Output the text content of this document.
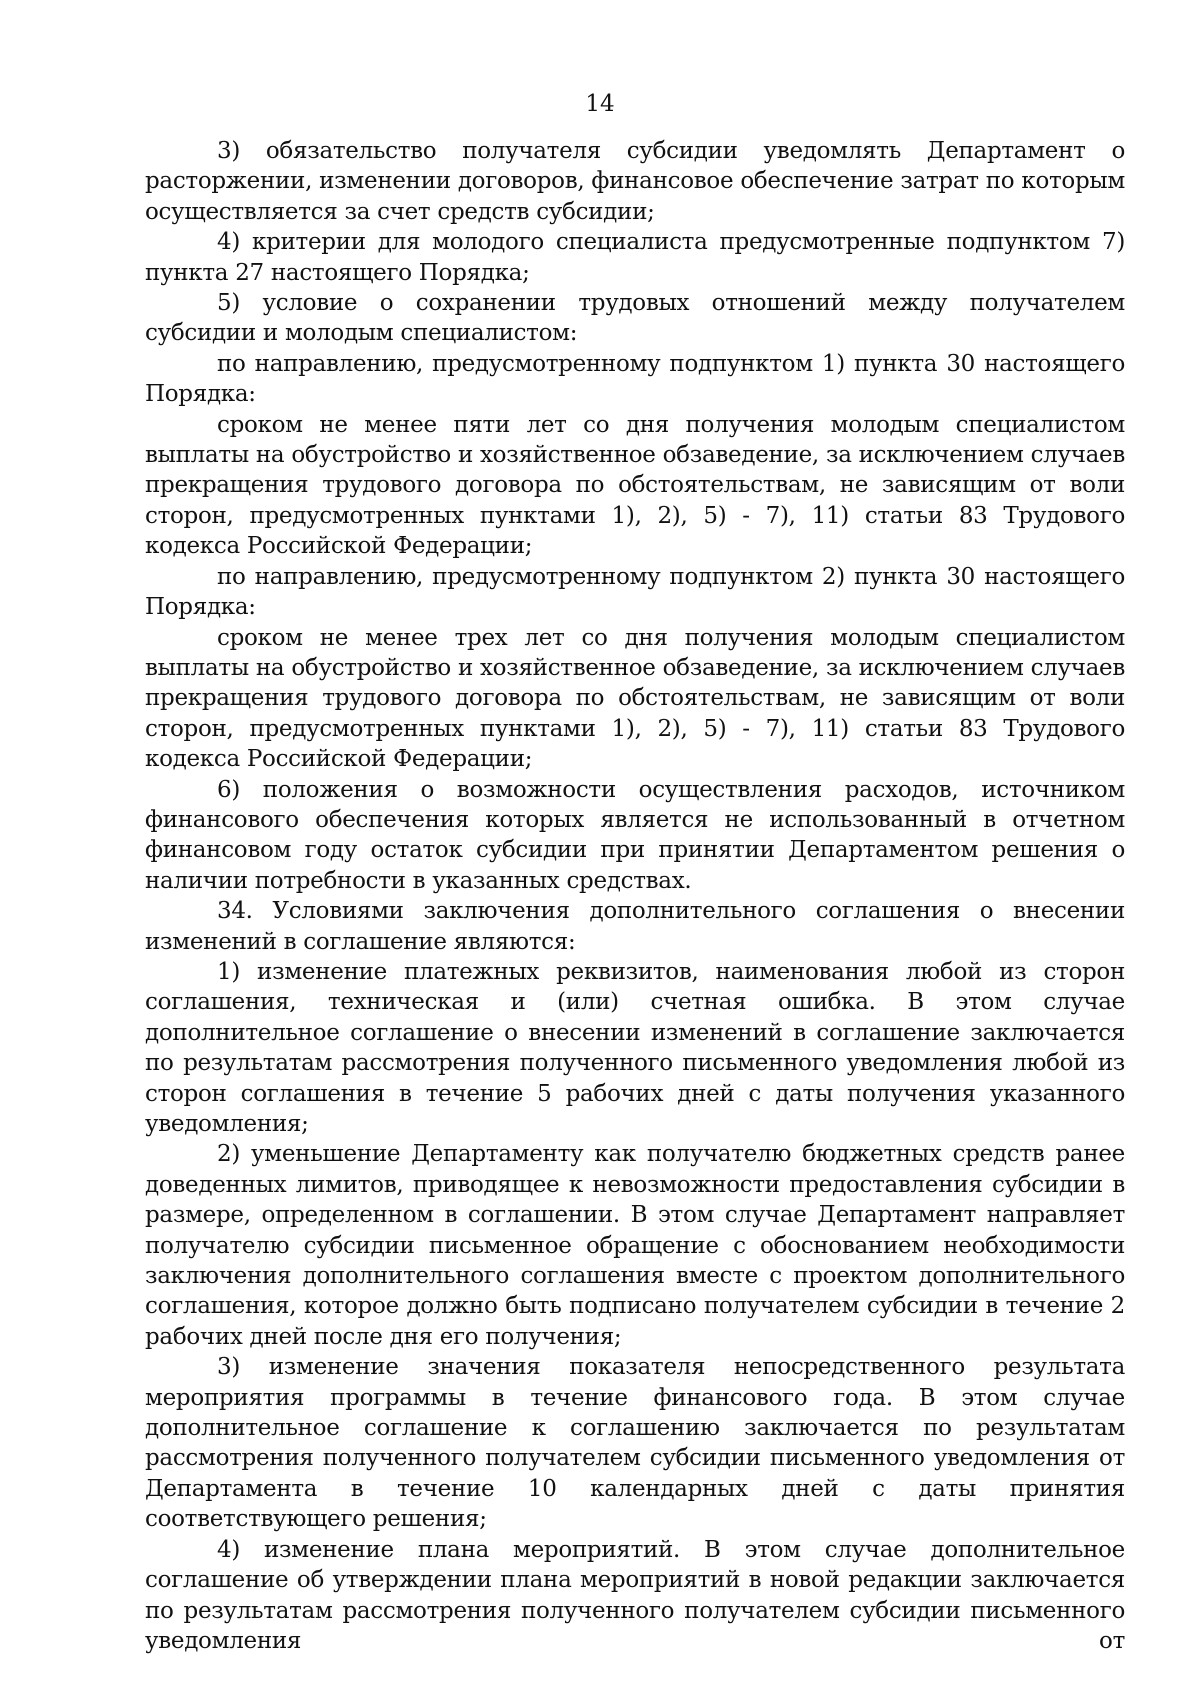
14

3) обязательство получателя субсидии уведомлять Департамент о расторжении, изменении договоров, финансовое обеспечение затрат по которым осуществляется за счет средств субсидии;

4) критерии для молодого специалиста предусмотренные подпунктом 7) пункта 27 настоящего Порядка;

5) условие о сохранении трудовых отношений между получателем субсидии и молодым специалистом:

по направлению, предусмотренному подпунктом 1) пункта 30 настоящего Порядка:

сроком не менее пяти лет со дня получения молодым специалистом выплаты на обустройство и хозяйственное обзаведение, за исключением случаев прекращения трудового договора по обстоятельствам, не зависящим от воли сторон, предусмотренных пунктами 1), 2), 5) - 7), 11) статьи 83 Трудового кодекса Российской Федерации;

по направлению, предусмотренному подпунктом 2) пункта 30 настоящего Порядка:

сроком не менее трех лет со дня получения молодым специалистом выплаты на обустройство и хозяйственное обзаведение, за исключением случаев прекращения трудового договора по обстоятельствам, не зависящим от воли сторон, предусмотренных пунктами 1), 2), 5) - 7), 11) статьи 83 Трудового кодекса Российской Федерации;

6) положения о возможности осуществления расходов, источником финансового обеспечения которых является не использованный в отчетном финансовом году остаток субсидии при принятии Департаментом решения о наличии потребности в указанных средствах.

34. Условиями заключения дополнительного соглашения о внесении изменений в соглашение являются:

1) изменение платежных реквизитов, наименования любой из сторон соглашения, техническая и (или) счетная ошибка. В этом случае дополнительное соглашение о внесении изменений в соглашение заключается по результатам рассмотрения полученного письменного уведомления любой из сторон соглашения в течение 5 рабочих дней с даты получения указанного уведомления;

2) уменьшение Департаменту как получателю бюджетных средств ранее доведенных лимитов, приводящее к невозможности предоставления субсидии в размере, определенном в соглашении. В этом случае Департамент направляет получателю субсидии письменное обращение с обоснованием необходимости заключения дополнительного соглашения вместе с проектом дополнительного соглашения, которое должно быть подписано получателем субсидии в течение 2 рабочих дней после дня его получения;

3) изменение значения показателя непосредственного результата мероприятия программы в течение финансового года. В этом случае дополнительное соглашение к соглашению заключается по результатам рассмотрения полученного получателем субсидии письменного уведомления от Департамента в течение 10 календарных дней с даты принятия соответствующего решения;

4) изменение плана мероприятий. В этом случае дополнительное соглашение об утверждении плана мероприятий в новой редакции заключается по результатам рассмотрения полученного получателем субсидии письменного уведомления от
